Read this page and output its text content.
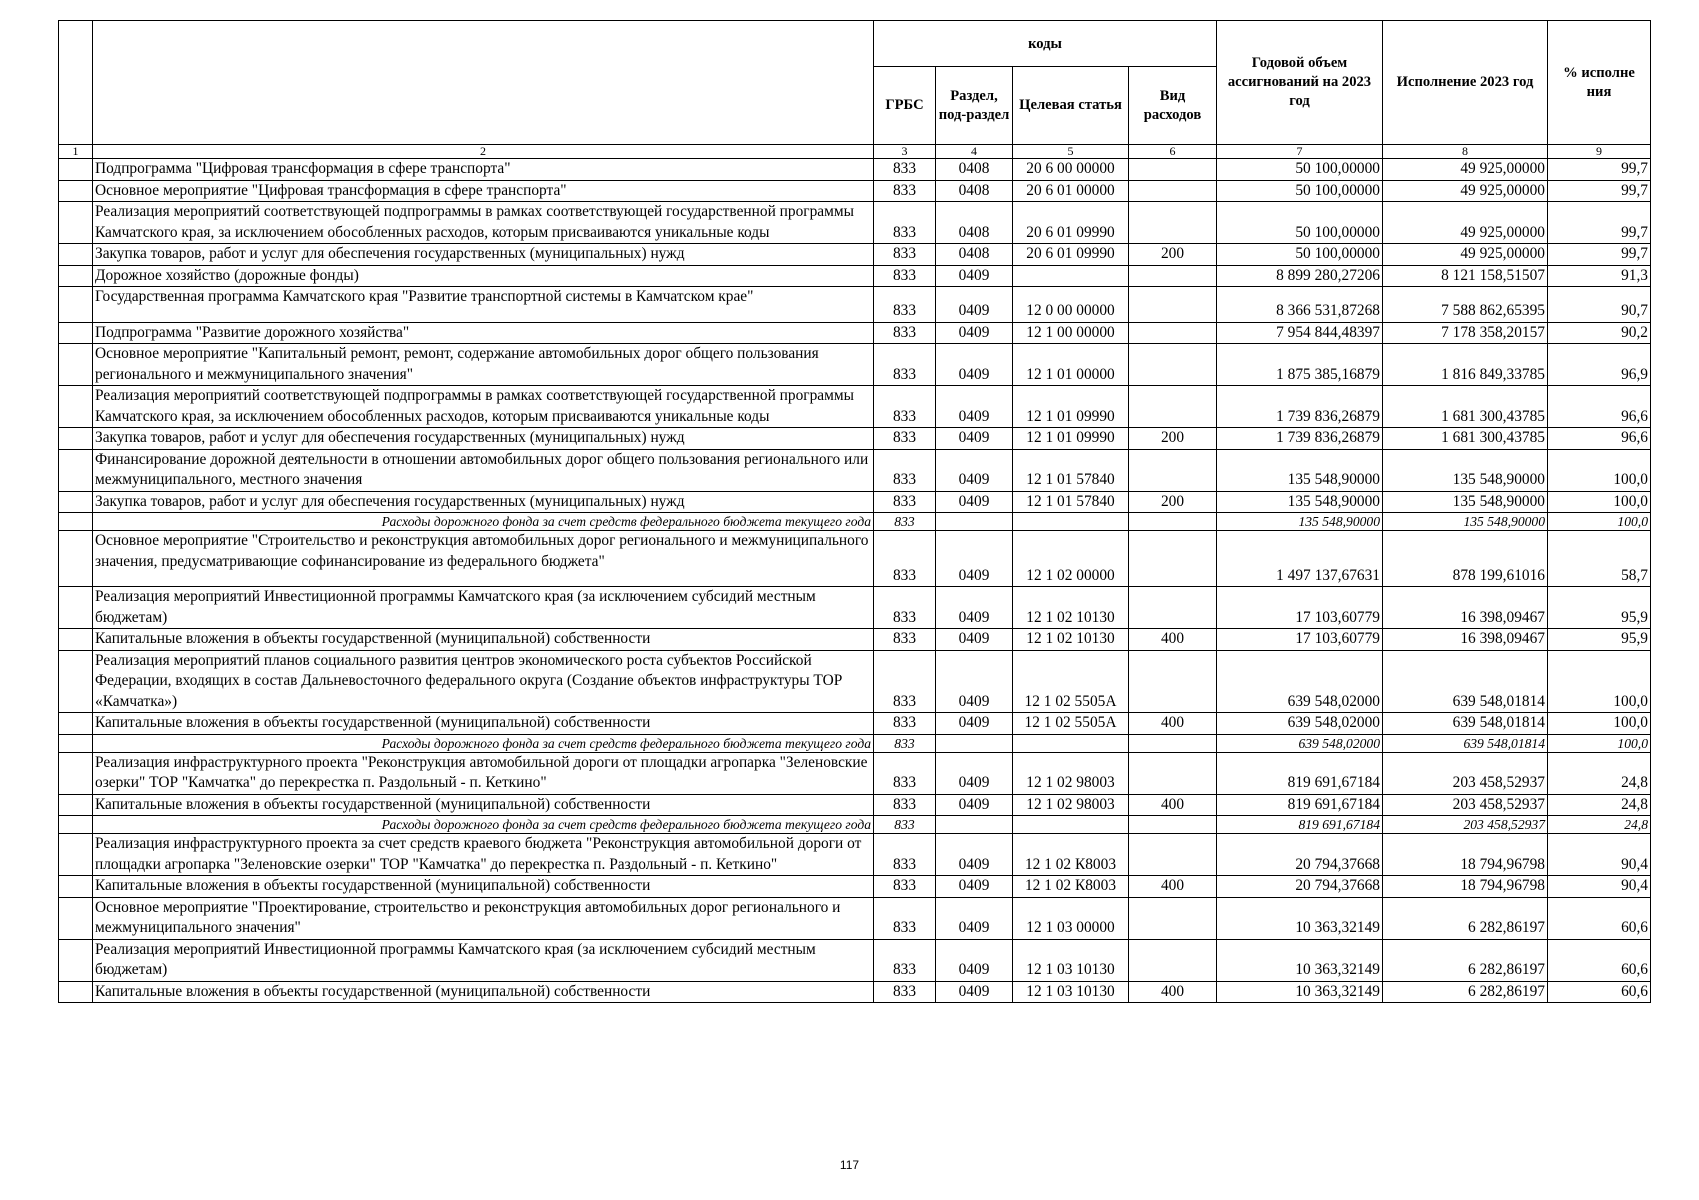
		коды				Годовой объем ассигнований на 2023 год	Исполнение 2023 год	% исполне ния
		ГРБС	Раздел, под-раздел	Целевая статья	Вид расходов			
1	2	3	4	5	6	7	8	9
	Подпрограмма "Цифровая трансформация в сфере транспорта"	833	0408	20 6 00 00000		50 100,00000	49 925,00000	99,7
	Основное мероприятие "Цифровая трансформация в сфере транспорта"	833	0408	20 6 01 00000		50 100,00000	49 925,00000	99,7
	Реализация мероприятий соответствующей подпрограммы в рамках соответствующей государственной программы Камчатского края, за исключением обособленных расходов, которым присваиваются уникальные коды	833	0408	20 6 01 09990		50 100,00000	49 925,00000	99,7
	Закупка товаров, работ и услуг для обеспечения государственных (муниципальных) нужд	833	0408	20 6 01 09990	200	50 100,00000	49 925,00000	99,7
	Дорожное хозяйство (дорожные фонды)	833	0409			8 899 280,27206	8 121 158,51507	91,3
	Государственная программа Камчатского края "Развитие транспортной системы в Камчатском крае"	833	0409	12 0 00 00000		8 366 531,87268	7 588 862,65395	90,7
	Подпрограмма "Развитие дорожного хозяйства"	833	0409	12 1 00 00000		7 954 844,48397	7 178 358,20157	90,2
	Основное мероприятие "Капитальный ремонт, ремонт, содержание автомобильных дорог общего пользования регионального и межмуниципального значения"	833	0409	12 1 01 00000		1 875 385,16879	1 816 849,33785	96,9
	Реализация мероприятий соответствующей подпрограммы в рамках соответствующей государственной программы Камчатского края, за исключением обособленных расходов, которым присваиваются уникальные коды	833	0409	12 1 01 09990		1 739 836,26879	1 681 300,43785	96,6
	Закупка товаров, работ и услуг для обеспечения государственных (муниципальных) нужд	833	0409	12 1 01 09990	200	1 739 836,26879	1 681 300,43785	96,6
	Финансирование дорожной деятельности в отношении автомобильных дорог общего пользования регионального или межмуниципального, местного значения	833	0409	12 1 01 57840		135 548,90000	135 548,90000	100,0
	Закупка товаров, работ и услуг для обеспечения государственных (муниципальных) нужд	833	0409	12 1 01 57840	200	135 548,90000	135 548,90000	100,0
	Расходы дорожного фонда за счет средств федерального бюджета текущего года	833				135 548,90000	135 548,90000	100,0
	Основное мероприятие "Строительство и реконструкция автомобильных дорог регионального и межмуниципального значения, предусматривающие софинансирование из федерального бюджета"	833	0409	12 1 02 00000		1 497 137,67631	878 199,61016	58,7
	Реализация мероприятий Инвестиционной программы Камчатского края (за исключением субсидий местным бюджетам)	833	0409	12 1 02 10130		17 103,60779	16 398,09467	95,9
	Капитальные вложения в объекты государственной (муниципальной) собственности	833	0409	12 1 02 10130	400	17 103,60779	16 398,09467	95,9
	Реализация мероприятий планов социального развития центров экономического роста субъектов Российской Федерации, входящих в состав Дальневосточного федерального округа (Создание объектов инфраструктуры ТОР «Камчатка»)	833	0409	12 1 02 5505А		639 548,02000	639 548,01814	100,0
	Капитальные вложения в объекты государственной (муниципальной) собственности	833	0409	12 1 02 5505А	400	639 548,02000	639 548,01814	100,0
	Расходы дорожного фонда за счет средств федерального бюджета текущего года	833				639 548,02000	639 548,01814	100,0
	Реализация инфраструктурного проекта "Реконструкция автомобильной дороги от площадки агропарка "Зеленовские озерки" ТОР "Камчатка" до перекрестка п. Раздольный - п. Кеткино"	833	0409	12 1 02 98003		819 691,67184	203 458,52937	24,8
	Капитальные вложения в объекты государственной (муниципальной) собственности	833	0409	12 1 02 98003	400	819 691,67184	203 458,52937	24,8
	Расходы дорожного фонда за счет средств федерального бюджета текущего года	833				819 691,67184	203 458,52937	24,8
	Реализация инфраструктурного проекта за счет средств краевого бюджета "Реконструкция автомобильной дороги от площадки агропарка "Зеленовские озерки" ТОР "Камчатка" до перекрестка п. Раздольный - п. Кеткино"	833	0409	12 1 02 К8003		20 794,37668	18 794,96798	90,4
	Капитальные вложения в объекты государственной (муниципальной) собственности	833	0409	12 1 02 К8003	400	20 794,37668	18 794,96798	90,4
	Основное мероприятие "Проектирование, строительство и реконструкция автомобильных дорог регионального и межмуниципального значения"	833	0409	12 1 03 00000		10 363,32149	6 282,86197	60,6
	Реализация мероприятий Инвестиционной программы Камчатского края (за исключением субсидий местным бюджетам)	833	0409	12 1 03 10130		10 363,32149	6 282,86197	60,6
	Капитальные вложения в объекты государственной (муниципальной) собственности	833	0409	12 1 03 10130	400	10 363,32149	6 282,86197	60,6
117
